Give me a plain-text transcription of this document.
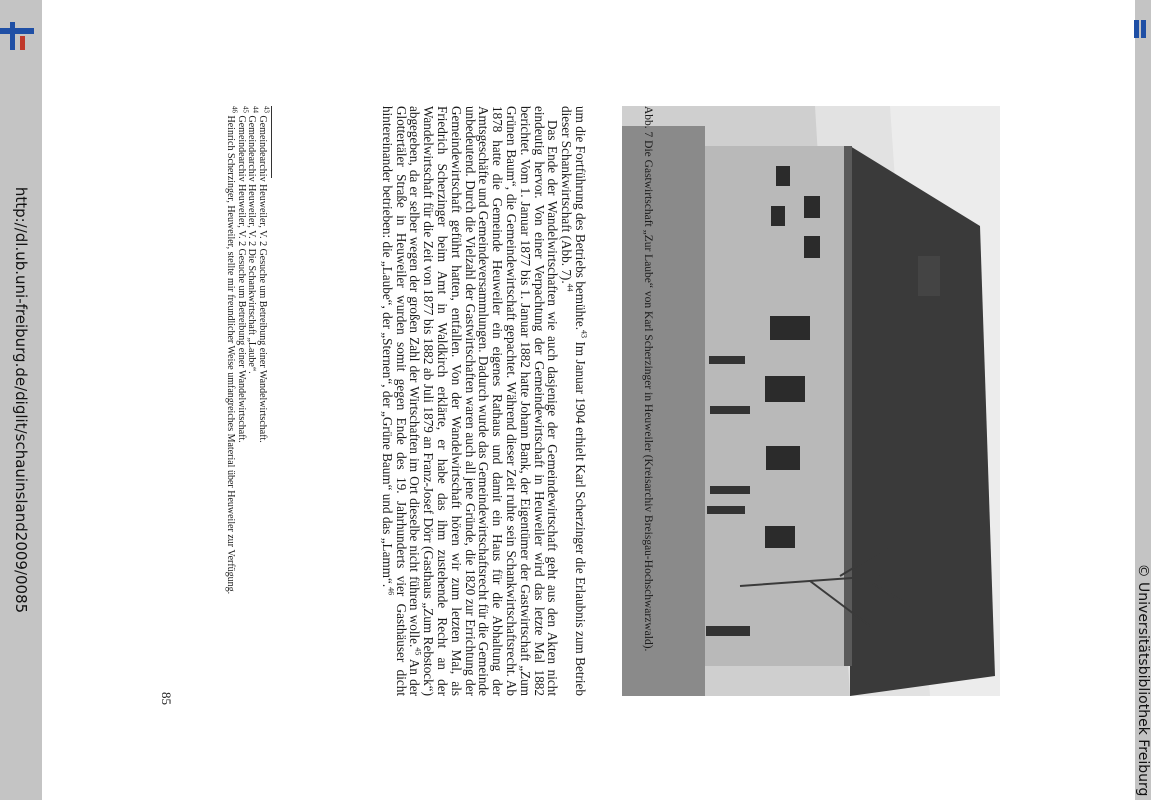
Abb. 7 Die Gastwirtschaft „Zur Laube“ von Karl Scherzinger in Heuweiler (Kreisarchiv Breisgau-Hochschwarzwald).

um die Fortführung des Betriebs bemühte.$^{43}$ Im Januar 1904 erhielt Karl Scherzinger die Erlaubnis zum Betrieb dieser Schankwirtschaft (Abb. 7).$^{44}$

Das Ende der Wandelwirtschaften wie auch dasjenige der Gemeindewirtschaft geht aus den Akten nicht eindeutig hervor. Von einer Verpachtung der Gemeindewirtschaft in Heuweiler wird das letzte Mal 1882 berichtet. Vom 1. Januar 1877 bis 1. Januar 1882 hatte Johann Bank, der Eigentümer der Gastwirtschaft „Zum Grünen Baum“, die Gemeindewirtschaft gepachtet. Während dieser Zeit ruhte sein Schankwirtschaftsrecht. Ab 1878 hatte die Gemeinde Heuweiler ein eigenes Rathaus und damit ein Haus für die Abhaltung der Amtsgeschäfte und Gemeindeversammlungen. Dadurch wurde das Gemeindewirtschaftsrecht für die Gemeinde unbedeutend. Durch die Vielzahl der Gastwirtschaften waren auch all jene Gründe, die 1820 zur Errichtung der Gemeindewirtschaft geführt hatten, entfallen. Von der Wandelwirtschaft hören wir zum letzten Mal, als Friedrich Scherzinger beim Amt in Waldkirch erklärte, er habe das ihm zustehende Recht an der Wandelwirtschaft für die Zeit von 1877 bis 1882 ab Juli 1879 an Franz-Josef Dörr (Gasthaus „Zum Rebstock“) abgegeben, da er selber wegen der großen Zahl der Wirtschaften im Ort dieselbe nicht führen wolle.$^{45}$ An der Glottertäler Straße in Heuweiler wurden somit gegen Ende des 19. Jahrhunderts vier Gasthäuser dicht hintereinander betrieben: die „Laube“, der „Sternen“, der „Grüne Baum“ und das „Lamm“.$^{46}$

$^{43}$ Gemeindearchiv Heuweiler, V. 2 Gesuche um Betreibung einer Wandelwirtschaft.
$^{44}$ Gemeindearchiv Heuweiler, V. 2 Die Schankwirtschaft „Laube“.
$^{45}$ Gemeindearchiv Heuweiler, V. 2 Gesuche um Betreibung einer Wandelwirtschaft.
$^{46}$ Heinrich Scherzinger, Heuweiler, stellte mir freundlicher Weise umfangreiches Material über Heuweiler zur Verfügung.
85
http://dl.ub.uni-freiburg.de/diglit/schauinsland2009/0085
© Universitätsbibliothek Freiburg
